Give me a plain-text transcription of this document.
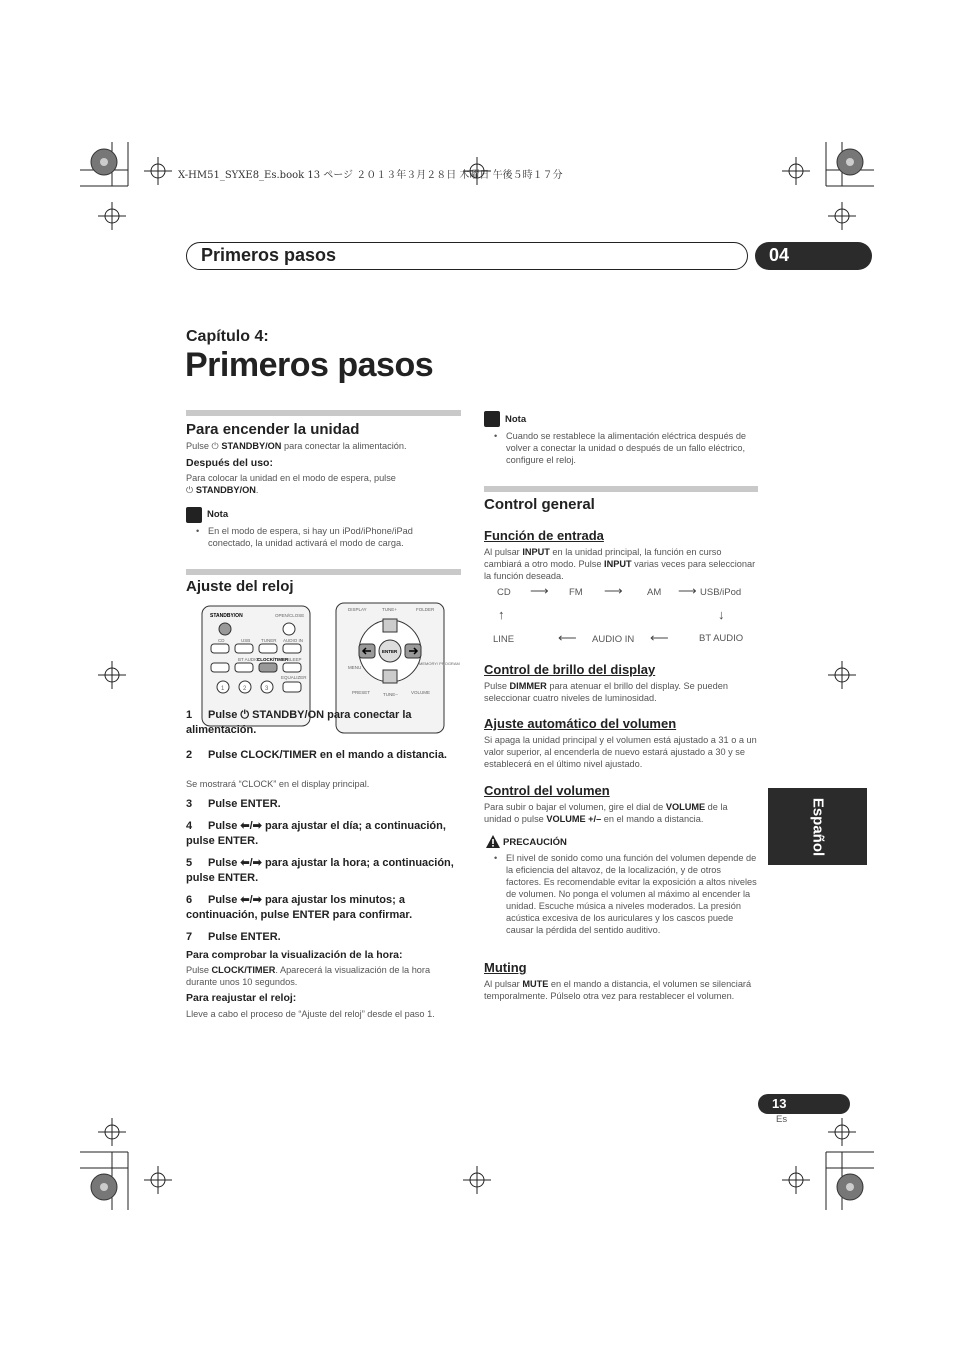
X-HM51_SYXE8_Es.book 13 ページ ２０１３年３月２８日 木曜日 午後５時１７分
Primeros pasos	04
Capítulo 4:
Primeros pasos
Para encender la unidad
Pulse ⏻ STANDBY/ON para conectar la alimentación.
Después del uso:
Para colocar la unidad en el modo de espera, pulse
⏻ STANDBY/ON.
Nota
• En el modo de espera, si hay un iPod/iPhone/iPad conectado, la unidad activará el modo de carga.
Ajuste del reloj
STANDBY/ON	OPEN/CLOSE
CD	USB TUNER AUDIO IN
BT AUDIO
CLOCK/TIMER
SLEEP
EQUALIZER
1	2	3
DISPLAY	TUNE+	FOLDER
ENTER
MENU
MEMORY/ PROGRAM
PRESET	TUNE–	VOLUME
1 Pulse ⏻ STANDBY/ON para conectar la alimentación.
2 Pulse CLOCK/TIMER en el mando a distancia.
Se mostrará “CLOCK” en el display principal.
3 Pulse ENTER.
4 Pulse ⬅/➡ para ajustar el día; a continuación, pulse ENTER.
5 Pulse ⬅/➡ para ajustar la hora; a continuación, pulse ENTER.
6 Pulse ⬅/➡ para ajustar los minutos; a continuación, pulse ENTER para confirmar.
7 Pulse ENTER.
Para comprobar la visualización de la hora:
Pulse CLOCK/TIMER. Aparecerá la visualización de la hora durante unos 10 segundos.
Para reajustar el reloj:
Lleve a cabo el proceso de “Ajuste del reloj” desde el paso 1.
Nota
• Cuando se restablece la alimentación eléctrica después de volver a conectar la unidad o después de un fallo eléctrico, configure el reloj.
Control general
Función de entrada
Al pulsar INPUT en la unidad principal, la función en curso cambiará a otro modo. Pulse INPUT varias veces para seleccionar la función deseada.
CD ⟶ FM ⟶	AM ⟶ USB/iPod
↑	↓
LINE	⟵ AUDIO IN ⟵	BT AUDIO
Control de brillo del display
Pulse DIMMER para atenuar el brillo del display. Se pueden seleccionar cuatro niveles de luminosidad.
Ajuste automático del volumen
Si apaga la unidad principal y el volumen está ajustado a 31 o a un valor superior, al encenderla de nuevo estará ajustado a 30 y se establecerá en el último nivel ajustado.
Control del volumen
Para subir o bajar el volumen, gire el dial de VOLUME de la unidad o pulse VOLUME +/– en el mando a distancia.
PRECAUCIÓN
• El nivel de sonido como una función del volumen depende de la eficiencia del altavoz, de la localización, y de otros factores. Es recomendable evitar la exposición a altos niveles de volumen. No ponga el volumen al máximo al encender la unidad. Escuche música a niveles moderados. La presión acústica excesiva de los auriculares y los cascos puede causar la pérdida del sentido auditivo.
Muting
Al pulsar MUTE en el mando a distancia, el volumen se silenciará temporalmente. Púlselo otra vez para restablecer el volumen.
Español
13
Es
